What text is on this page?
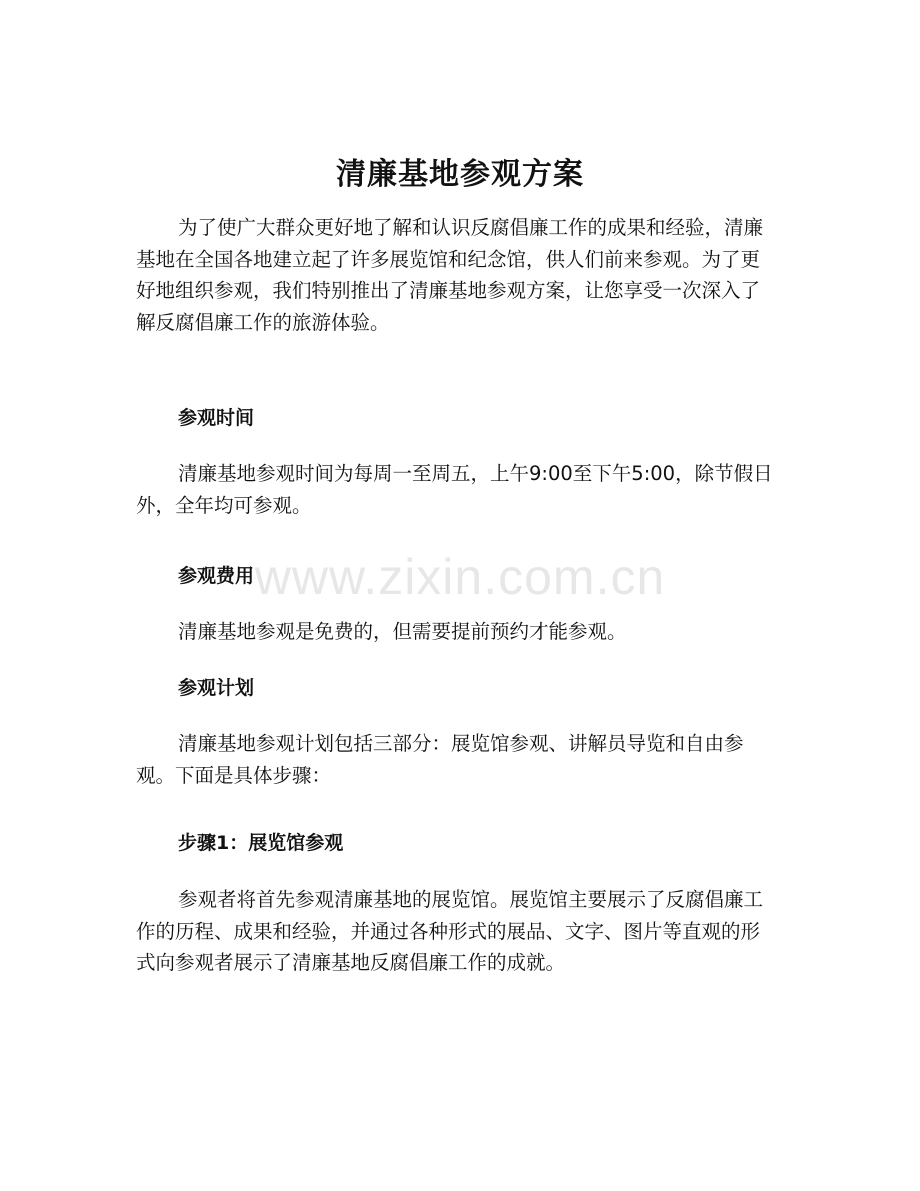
清廉基地参观方案

为了使广大群众更好地了解和认识反腐倡廉工作的成果和经验，清廉基地在全国各地建立起了许多展览馆和纪念馆，供人们前来参观。为了更好地组织参观，我们特别推出了清廉基地参观方案，让您享受一次深入了解反腐倡廉工作的旅游体验。

参观时间

清廉基地参观时间为每周一至周五，上午9:00至下午5:00，除节假日外，全年均可参观。

参观费用

清廉基地参观是免费的，但需要提前预约才能参观。

参观计划

清廉基地参观计划包括三部分：展览馆参观、讲解员导览和自由参观。下面是具体步骤：

步骤1：展览馆参观

参观者将首先参观清廉基地的展览馆。展览馆主要展示了反腐倡廉工作的历程、成果和经验，并通过各种形式的展品、文字、图片等直观的形式向参观者展示了清廉基地反腐倡廉工作的成就。

www.zixin.com.cn
